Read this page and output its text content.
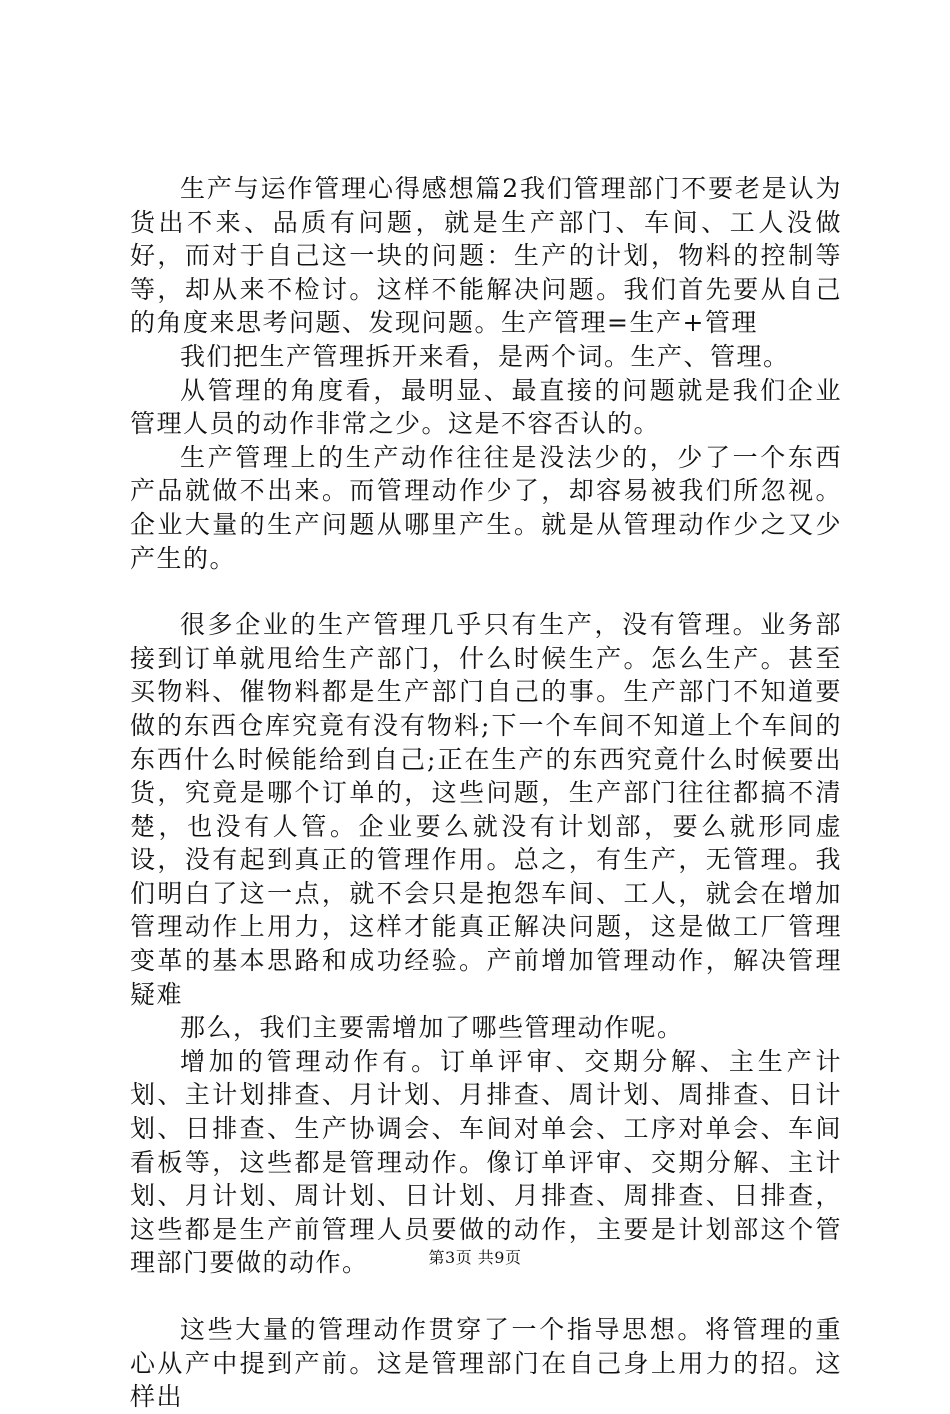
生产与运作管理心得感想篇2我们管理部门不要老是认为货出不来、品质有问题，就是生产部门、车间、工人没做好，而对于自己这一块的问题：生产的计划，物料的控制等等，却从来不检讨。这样不能解决问题。我们首先要从自己的角度来思考问题、发现问题。生产管理=生产+管理

我们把生产管理拆开来看，是两个词。生产、管理。

从管理的角度看，最明显、最直接的问题就是我们企业管理人员的动作非常之少。这是不容否认的。

生产管理上的生产动作往往是没法少的，少了一个东西产品就做不出来。而管理动作少了，却容易被我们所忽视。企业大量的生产问题从哪里产生。就是从管理动作少之又少产生的。

很多企业的生产管理几乎只有生产，没有管理。业务部接到订单就甩给生产部门，什么时候生产。怎么生产。甚至买物料、催物料都是生产部门自己的事。生产部门不知道要做的东西仓库究竟有没有物料;下一个车间不知道上个车间的东西什么时候能给到自己;正在生产的东西究竟什么时候要出货，究竟是哪个订单的，这些问题，生产部门往往都搞不清楚，也没有人管。企业要么就没有计划部，要么就形同虚设，没有起到真正的管理作用。总之，有生产，无管理。我们明白了这一点，就不会只是抱怨车间、工人，就会在增加管理动作上用力，这样才能真正解决问题，这是做工厂管理变革的基本思路和成功经验。产前增加管理动作，解决管理疑难

那么，我们主要需增加了哪些管理动作呢。

增加的管理动作有。订单评审、交期分解、主生产计划、主计划排查、月计划、月排查、周计划、周排查、日计划、日排查、生产协调会、车间对单会、工序对单会、车间看板等，这些都是管理动作。像订单评审、交期分解、主计划、月计划、周计划、日计划、月排查、周排查、日排查，这些都是生产前管理人员要做的动作，主要是计划部这个管理部门要做的动作。

这些大量的管理动作贯穿了一个指导思想。将管理的重心从产中提到产前。这是管理部门在自己身上用力的招。这样出

第3页 共9页
